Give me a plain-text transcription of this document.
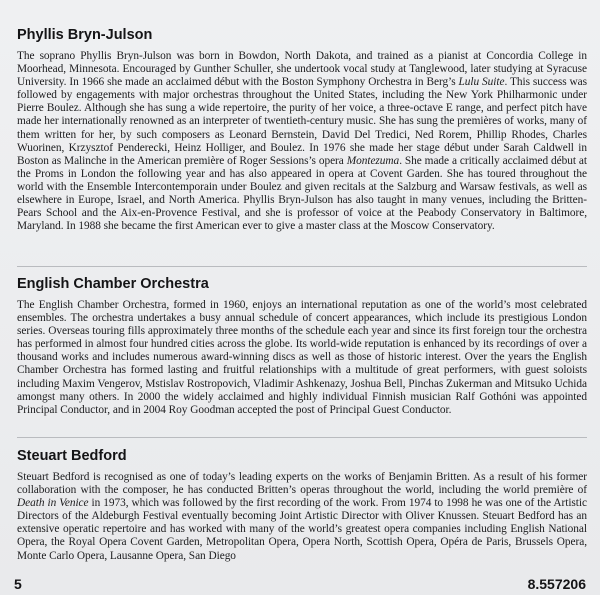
Phyllis Bryn-Julson

The soprano Phyllis Bryn-Julson was born in Bowdon, North Dakota, and trained as a pianist at Concordia College in Moorhead, Minnesota. Encouraged by Gunther Schuller, she undertook vocal study at Tanglewood, later studying at Syracuse University. In 1966 she made an acclaimed début with the Boston Symphony Orchestra in Berg’s Lulu Suite. This success was followed by engagements with major orchestras throughout the United States, including the New York Philharmonic under Pierre Boulez. Although she has sung a wide repertoire, the purity of her voice, a three-octave E range, and perfect pitch have made her internationally renowned as an interpreter of twentieth-century music. She has sung the premières of works, many of them written for her, by such composers as Leonard Bernstein, David Del Tredici, Ned Rorem, Phillip Rhodes, Charles Wuorinen, Krzysztof Penderecki, Heinz Holliger, and Boulez. In 1976 she made her stage début under Sarah Caldwell in Boston as Malinche in the American première of Roger Sessions’s opera Montezuma. She made a critically acclaimed début at the Proms in London the following year and has also appeared in opera at Covent Garden. She has toured throughout the world with the Ensemble Intercontemporain under Boulez and given recitals at the Salzburg and Warsaw festivals, as well as elsewhere in Europe, Israel, and North America. Phyllis Bryn-Julson has also taught in many venues, including the Britten-Pears School and the Aix-en-Provence Festival, and she is professor of voice at the Peabody Conservatory in Baltimore, Maryland. In 1988 she became the first American ever to give a master class at the Moscow Conservatory.

English Chamber Orchestra

The English Chamber Orchestra, formed in 1960, enjoys an international reputation as one of the world’s most celebrated ensembles. The orchestra undertakes a busy annual schedule of concert appearances, which include its prestigious London series. Overseas touring fills approximately three months of the schedule each year and since its first foreign tour the orchestra has performed in almost four hundred cities across the globe. Its world-wide reputation is enhanced by its recordings of over a thousand works and includes numerous award-winning discs as well as those of historic interest. Over the years the English Chamber Orchestra has formed lasting and fruitful relationships with a multitude of great performers, with guest soloists including Maxim Vengerov, Mstislav Rostropovich, Vladimir Ashkenazy, Joshua Bell, Pinchas Zukerman and Mitsuko Uchida amongst many others. In 2000 the widely acclaimed and highly individual Finnish musician Ralf Gothóni was appointed Principal Conductor, and in 2004 Roy Goodman accepted the post of Principal Guest Conductor.

Steuart Bedford

Steuart Bedford is recognised as one of today’s leading experts on the works of Benjamin Britten. As a result of his former collaboration with the composer, he has conducted Britten’s operas throughout the world, including the world première of Death in Venice in 1973, which was followed by the first recording of the work. From 1974 to 1998 he was one of the Artistic Directors of the Aldeburgh Festival eventually becoming Joint Artistic Director with Oliver Knussen. Steuart Bedford has an extensive operatic repertoire and has worked with many of the world’s greatest opera companies including English National Opera, the Royal Opera Covent Garden, Metropolitan Opera, Opera North, Scottish Opera, Opéra de Paris, Brussels Opera, Monte Carlo Opera, Lausanne Opera, San Diego

5	8.557206
